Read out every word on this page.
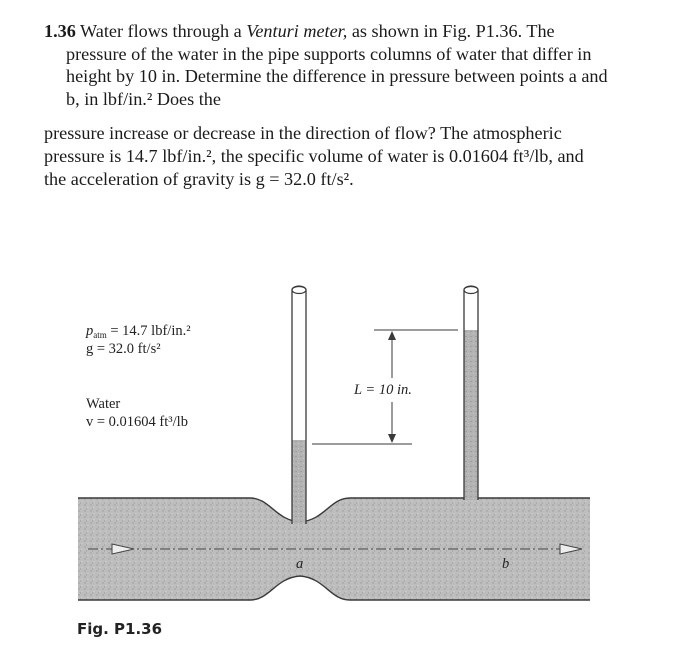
1.36 Water flows through a Venturi meter, as shown in Fig. P1.36. The pressure of the water in the pipe supports columns of water that differ in height by 10 in. Determine the difference in pressure between points a and b, in lbf/in.² Does the

pressure increase or decrease in the direction of flow? The atmospheric pressure is 14.7 lbf/in.², the specific volume of water is 0.01604 ft³/lb, and the acceleration of gravity is g = 32.0 ft/s².

$p_{atm} = 14.7$ lbf/in.²
g = 32.0 ft/s²
Water
v = 0.01604 ft³/lb
L = 10 in.
a	b
Fig. P1.36
